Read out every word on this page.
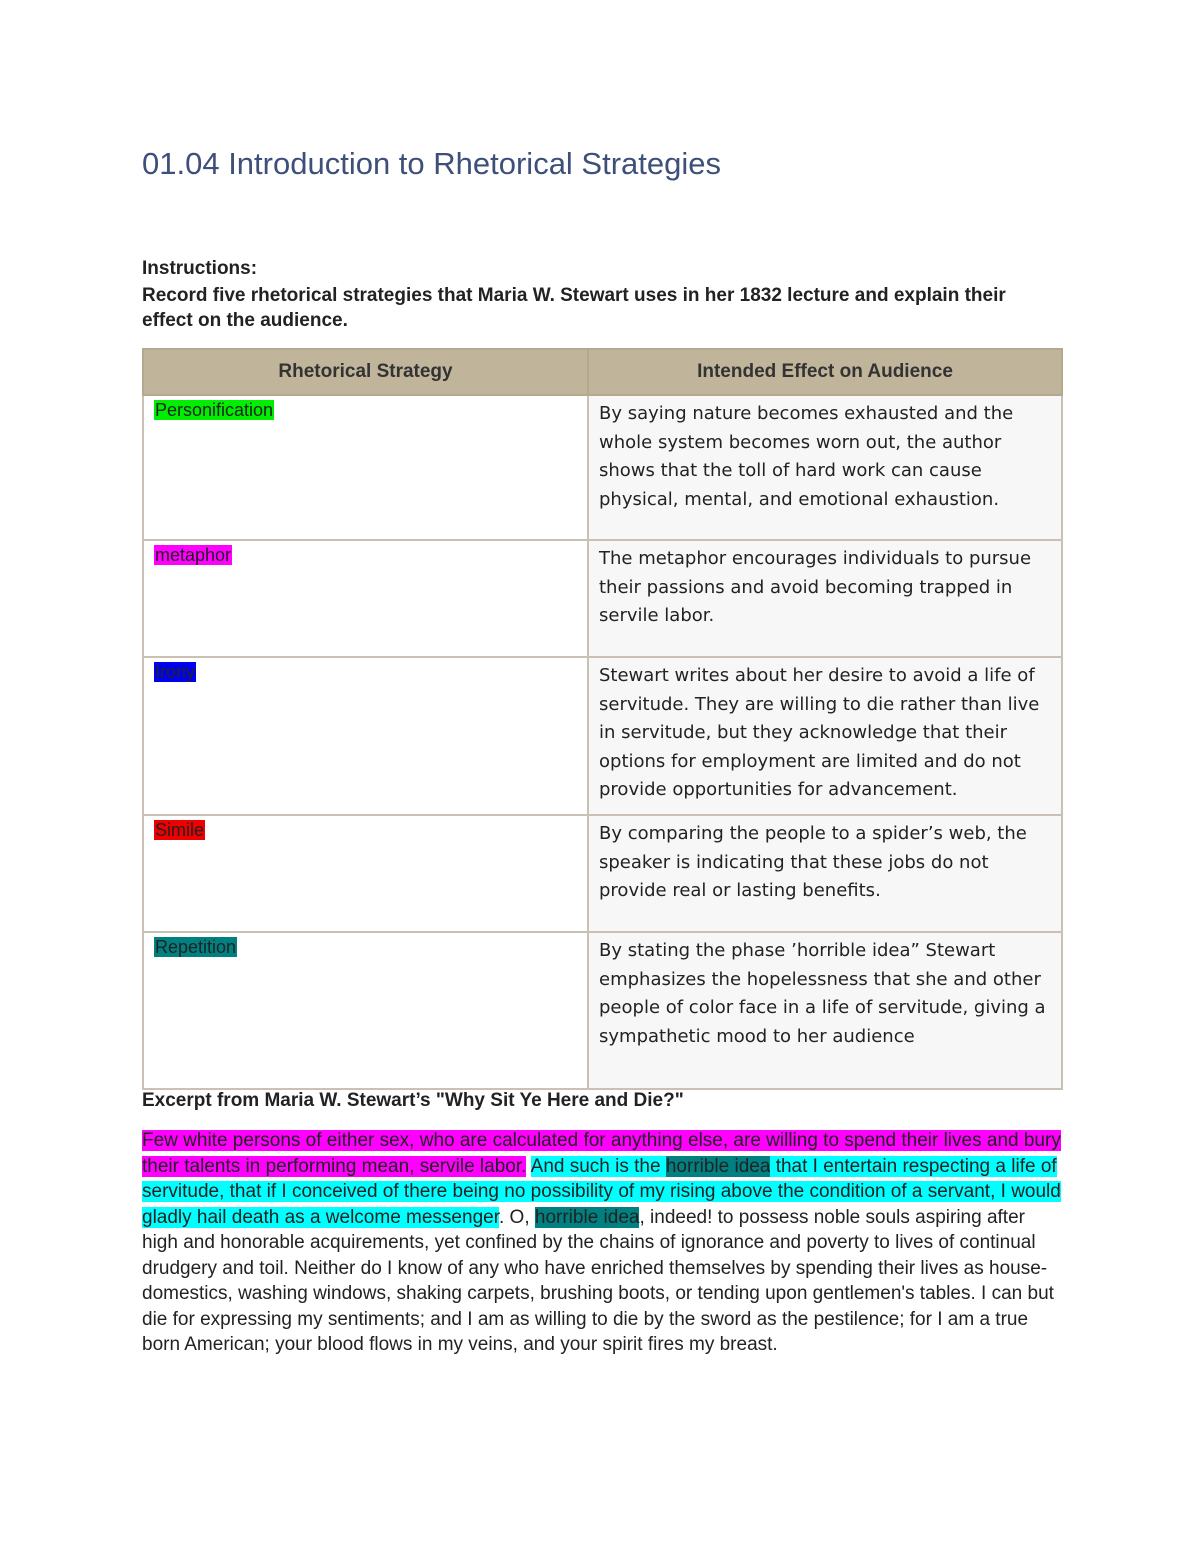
01.04 Introduction to Rhetorical Strategies

Instructions:

Record five rhetorical strategies that Maria W. Stewart uses in her 1832 lecture and explain their effect on the audience.

Rhetorical Strategy	Intended Effect on Audience
Personification	By saying nature becomes exhausted and the whole system becomes worn out, the author shows that the toll of hard work can cause physical, mental, and emotional exhaustion.
metaphor	The metaphor encourages individuals to pursue their passions and avoid becoming trapped in servile labor.
Irony	Stewart writes about her desire to avoid a life of servitude. They are willing to die rather than live in servitude, but they acknowledge that their options for employment are limited and do not provide opportunities for advancement.
Simile	By comparing the people to a spider’s web, the speaker is indicating that these jobs do not provide real or lasting benefits.
Repetition	By stating the phase ’horrible idea” Stewart emphasizes the hopelessness that she and other people of color face in a life of servitude, giving a sympathetic mood to her audience

Excerpt from Maria W. Stewart’s "Why Sit Ye Here and Die?"

Few white persons of either sex, who are calculated for anything else, are willing to spend their lives and bury their talents in performing mean, servile labor. And such is the horrible idea that I entertain respecting a life of servitude, that if I conceived of there being no possibility of my rising above the condition of a servant, I would gladly hail death as a welcome messenger. O, horrible idea, indeed! to possess noble souls aspiring after high and honorable acquirements, yet confined by the chains of ignorance and poverty to lives of continual drudgery and toil. Neither do I know of any who have enriched themselves by spending their lives as house-domestics, washing windows, shaking carpets, brushing boots, or tending upon gentlemen's tables. I can but die for expressing my sentiments; and I am as willing to die by the sword as the pestilence; for I am a true born American; your blood flows in my veins, and your spirit fires my breast.
